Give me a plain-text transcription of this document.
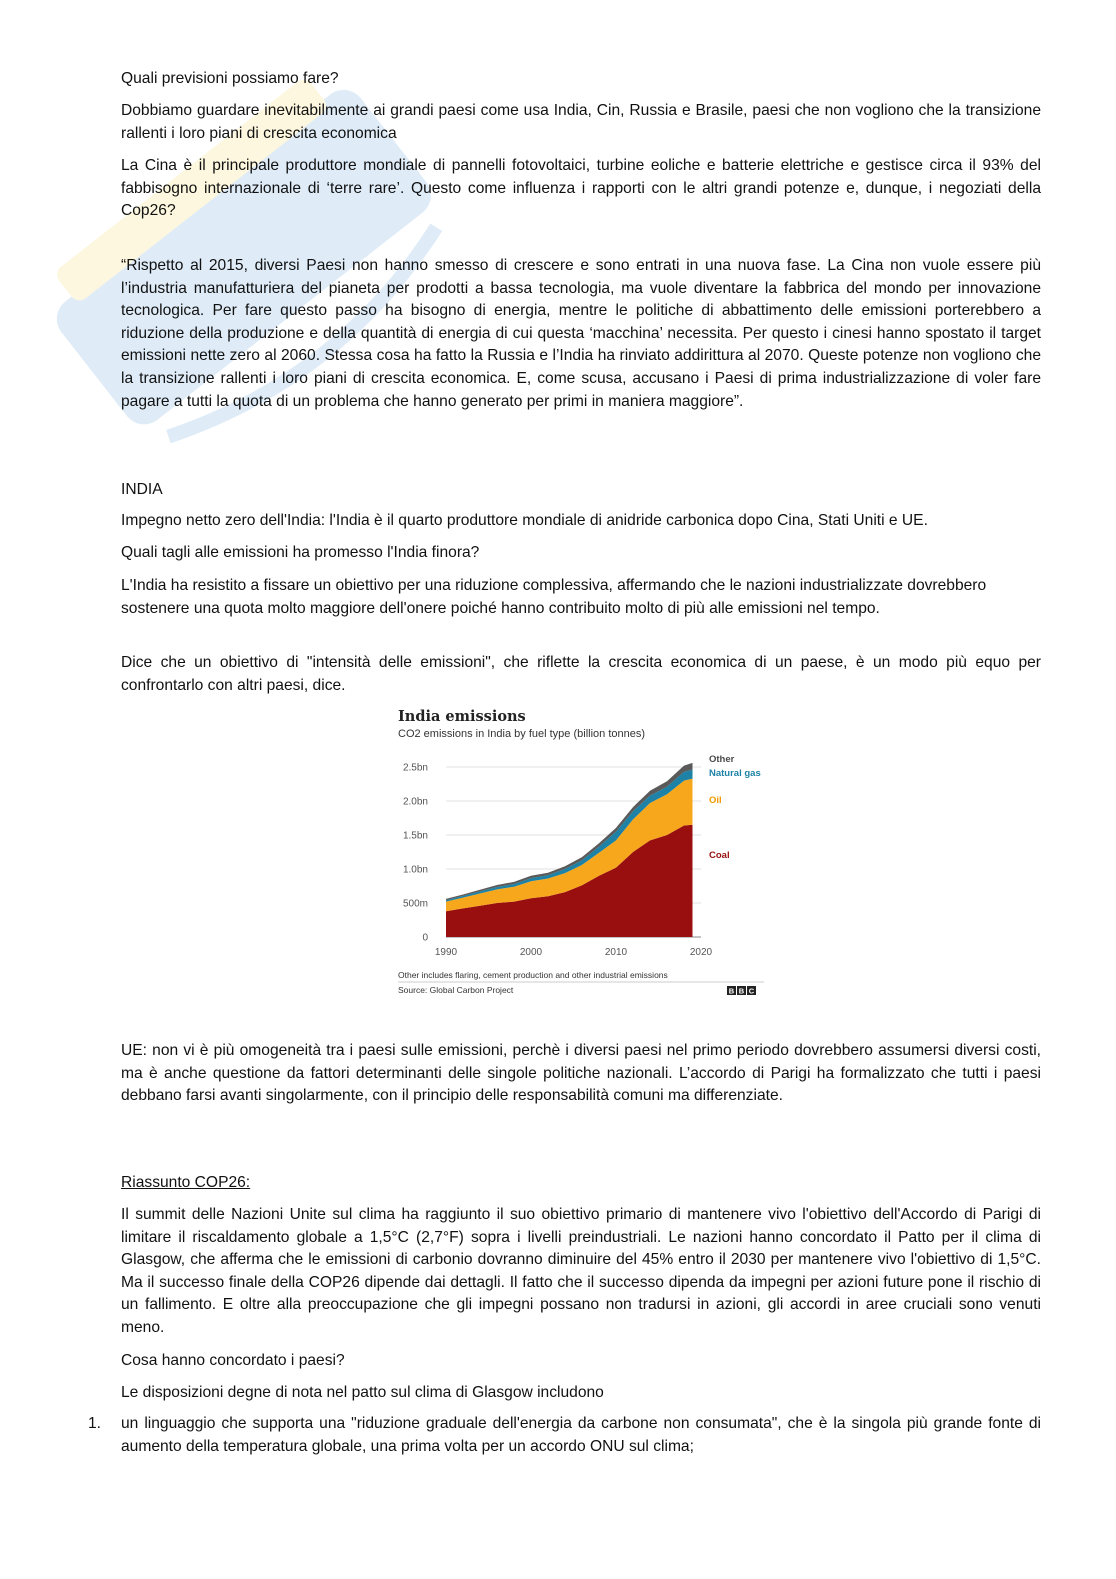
Quali previsioni possiamo fare?

Dobbiamo guardare inevitabilmente ai grandi paesi come usa India, Cin, Russia e Brasile, paesi che non vogliono che la transizione rallenti i loro piani di crescita economica

La Cina è il principale produttore mondiale di pannelli fotovoltaici, turbine eoliche e batterie elettriche e gestisce circa il 93% del fabbisogno internazionale di ‘terre rare’. Questo come influenza i rapporti con le altri grandi potenze e, dunque, i negoziati della Cop26?

“Rispetto al 2015, diversi Paesi non hanno smesso di crescere e sono entrati in una nuova fase. La Cina non vuole essere più l’industria manufatturiera del pianeta per prodotti a bassa tecnologia, ma vuole diventare la fabbrica del mondo per innovazione tecnologica. Per fare questo passo ha bisogno di energia, mentre le politiche di abbattimento delle emissioni porterebbero a riduzione della produzione e della quantità di energia di cui questa ‘macchina’ necessita. Per questo i cinesi hanno spostato il target emissioni nette zero al 2060. Stessa cosa ha fatto la Russia e l’India ha rinviato addirittura al 2070. Queste potenze non vogliono che la transizione rallenti i loro piani di crescita economica. E, come scusa, accusano i Paesi di prima industrializzazione di voler fare pagare a tutti la quota di un problema che hanno generato per primi in maniera maggiore”.

INDIA

Impegno netto zero dell'India: l'India è il quarto produttore mondiale di anidride carbonica dopo Cina, Stati Uniti e UE.

Quali tagli alle emissioni ha promesso l'India finora?

L'India ha resistito a fissare un obiettivo per una riduzione complessiva, affermando che le nazioni industrializzate dovrebbero sostenere una quota molto maggiore dell'onere poiché hanno contribuito molto di più alle emissioni nel tempo.

Dice che un obiettivo di "intensità delle emissioni", che riflette la crescita economica di un paese, è un modo più equo per confrontarlo con altri paesi, dice.

India emissions
CO2 emissions in India by fuel type (billion tonnes)
1990	2000	2010	2020
0
500m
1.0bn
1.5bn
2.0bn
2.5bn
Other
Natural gas
Oil
Coal
Other includes flaring, cement production and other industrial emissions
Source: Global Carbon Project	B B C

UE: non vi è più omogeneità tra i paesi sulle emissioni, perchè i diversi paesi nel primo periodo dovrebbero assumersi diversi costi, ma è anche questione da fattori determinanti delle singole politiche nazionali. L’accordo di Parigi ha formalizzato che tutti i paesi debbano farsi avanti singolarmente, con il principio delle responsabilità comuni ma differenziate.

Riassunto COP26:

Il summit delle Nazioni Unite sul clima ha raggiunto il suo obiettivo primario di mantenere vivo l'obiettivo dell'Accordo di Parigi di limitare il riscaldamento globale a 1,5°C (2,7°F) sopra i livelli preindustriali. Le nazioni hanno concordato il Patto per il clima di Glasgow, che afferma che le emissioni di carbonio dovranno diminuire del 45% entro il 2030 per mantenere vivo l'obiettivo di 1,5°C. Ma il successo finale della COP26 dipende dai dettagli. Il fatto che il successo dipenda da impegni per azioni future pone il rischio di un fallimento. E oltre alla preoccupazione che gli impegni possano non tradursi in azioni, gli accordi in aree cruciali sono venuti meno.

Cosa hanno concordato i paesi?

Le disposizioni degne di nota nel patto sul clima di Glasgow includono

1. un linguaggio che supporta una "riduzione graduale dell'energia da carbone non consumata", che è la singola più grande fonte di aumento della temperatura globale, una prima volta per un accordo ONU sul clima;
